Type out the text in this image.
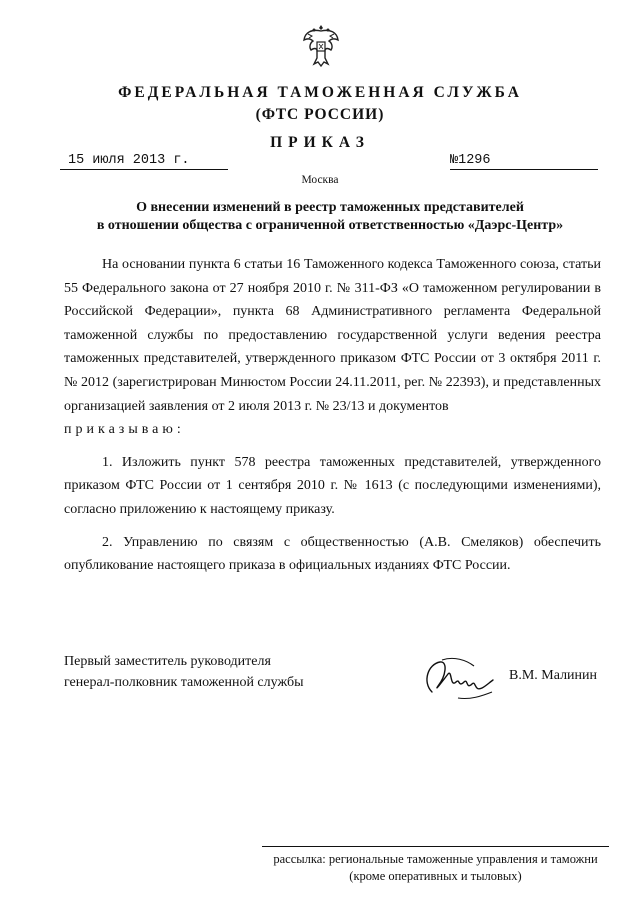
ФЕДЕРАЛЬНАЯ ТАМОЖЕННАЯ СЛУЖБА
(ФТС РОССИИ)
ПРИКАЗ
15 июля 2013 г.	№1296
Москва
О внесении изменений в реестр таможенных представителей
в отношении общества с ограниченной ответственностью «Даэрс-Центр»

На основании пункта 6 статьи 16 Таможенного кодекса Таможенного союза, статьи 55 Федерального закона от 27 ноября 2010 г. № 311-ФЗ «О таможенном регулировании в Российской Федерации», пункта 68 Административного регламента Федеральной таможенной службы по предоставлению государственной услуги ведения реестра таможенных представителей, утвержденного приказом ФТС России от 3 октября 2011 г. № 2012 (зарегистрирован Минюстом России 24.11.2011, рег. № 22393), и представленных организацией заявления от 2 июля 2013 г. № 23/13 и документов

приказываю:

1. Изложить пункт 578 реестра таможенных представителей, утвержденного приказом ФТС России от 1 сентября 2010 г. № 1613 (с последующими изменениями), согласно приложению к настоящему приказу.

2. Управлению по связям с общественностью (А.В. Смеляков) обеспечить опубликование настоящего приказа в официальных изданиях ФТС России.

Первый заместитель руководителя
генерал-полковник таможенной службы	В.М. Малинин
рассылка: региональные таможенные управления и таможни
(кроме оперативных и тыловых)
